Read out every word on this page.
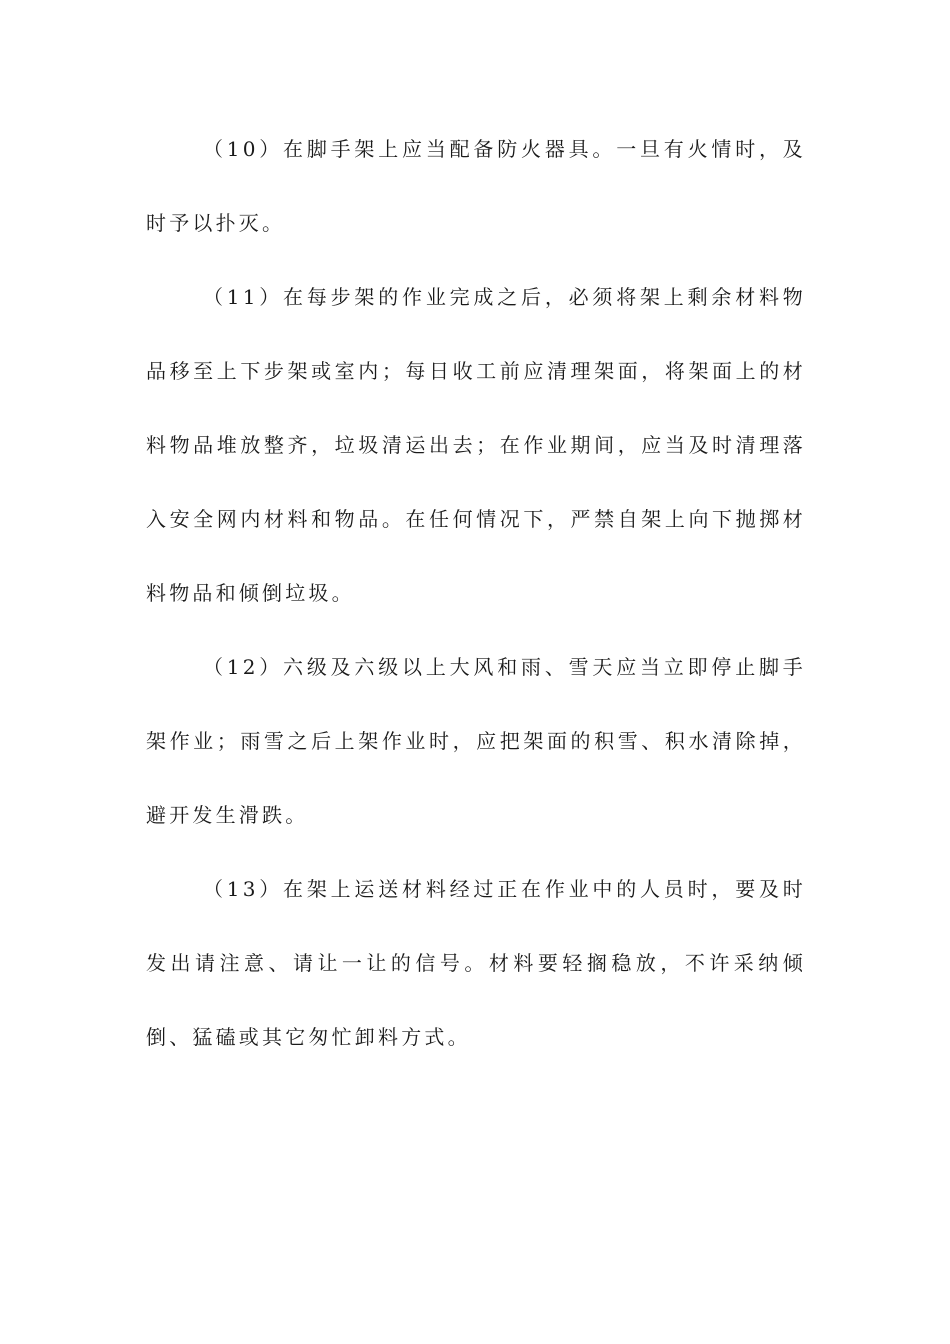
（10）在脚手架上应当配备防火器具。一旦有火情时，及时予以扑灭。

（11）在每步架的作业完成之后，必须将架上剩余材料物品移至上下步架或室内；每日收工前应清理架面，将架面上的材料物品堆放整齐，垃圾清运出去；在作业期间，应当及时清理落入安全网内材料和物品。在任何情况下，严禁自架上向下抛掷材料物品和倾倒垃圾。

（12）六级及六级以上大风和雨、雪天应当立即停止脚手架作业；雨雪之后上架作业时，应把架面的积雪、积水清除掉，避开发生滑跌。

（13）在架上运送材料经过正在作业中的人员时，要及时发出请注意、请让一让的信号。材料要轻搁稳放，不许采纳倾倒、猛磕或其它匆忙卸料方式。
